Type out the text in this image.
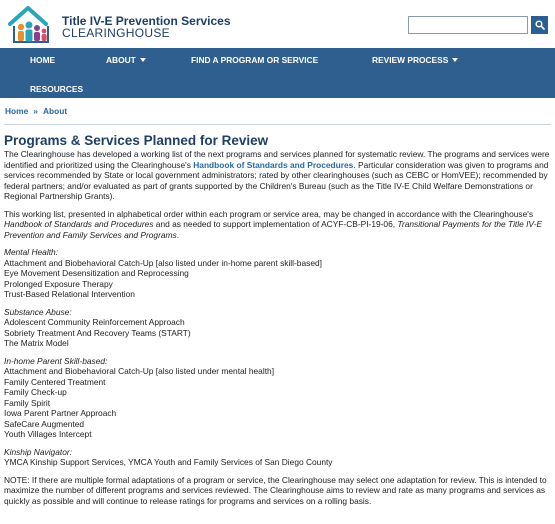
Title IV-E Prevention Services
CLEARINGHOUSE
HOME	ABOUT	FIND A PROGRAM OR SERVICE	REVIEW PROCESS
RESOURCES
Home » About
Programs & Services Planned for Review

The Clearinghouse has developed a working list of the next programs and services planned for systematic review. The programs and services were identified and prioritized using the Clearinghouse's Handbook of Standards and Procedures. Particular consideration was given to programs and services recommended by State or local government administrators; rated by other clearinghouses (such as CEBC or HomVEE); recommended by federal partners; and/or evaluated as part of grants supported by the Children's Bureau (such as the Title IV-E Child Welfare Demonstrations or Regional Partnership Grants).

This working list, presented in alphabetical order within each program or service area, may be changed in accordance with the Clearinghouse's Handbook of Standards and Procedures and as needed to support implementation of ACYF-CB-PI-19-06, Transitional Payments for the Title IV-E Prevention and Family Services and Programs.

Mental Health:
Attachment and Biobehavioral Catch-Up [also listed under in-home parent skill-based]
Eye Movement Desensitization and Reprocessing
Prolonged Exposure Therapy
Trust-Based Relational Intervention
Substance Abuse:
Adolescent Community Reinforcement Approach
Sobriety Treatment And Recovery Teams (START)
The Matrix Model
In-home Parent Skill-based:
Attachment and Biobehavioral Catch-Up [also listed under mental health]
Family Centered Treatment
Family Check-up
Family Spirit
Iowa Parent Partner Approach
SafeCare Augmented
Youth Villages Intercept
Kinship Navigator:
YMCA Kinship Support Services, YMCA Youth and Family Services of San Diego County

NOTE: If there are multiple formal adaptations of a program or service, the Clearinghouse may select one adaptation for review. This is intended to maximize the number of different programs and services reviewed. The Clearinghouse aims to review and rate as many programs and services as quickly as possible and will continue to release ratings for programs and services on a rolling basis.
